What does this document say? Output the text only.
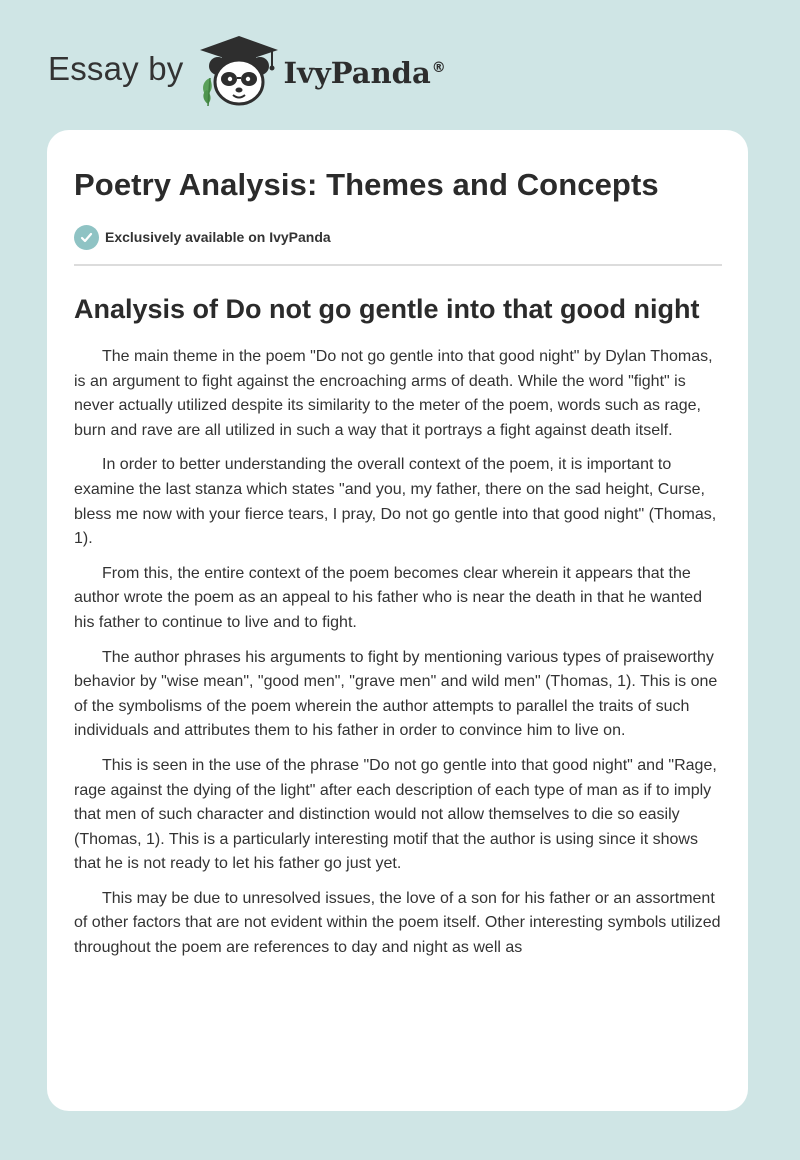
Essay by	IvyPanda®
Poetry Analysis: Themes and Concepts
Exclusively available on IvyPanda
Analysis of Do not go gentle into that good night

The main theme in the poem "Do not go gentle into that good night" by Dylan Thomas, is an argument to fight against the encroaching arms of death. While the word "fight" is never actually utilized despite its similarity to the meter of the poem, words such as rage, burn and rave are all utilized in such a way that it portrays a fight against death itself.

In order to better understanding the overall context of the poem, it is important to examine the last stanza which states "and you, my father, there on the sad height, Curse, bless me now with your fierce tears, I pray, Do not go gentle into that good night" (Thomas, 1).

From this, the entire context of the poem becomes clear wherein it appears that the author wrote the poem as an appeal to his father who is near the death in that he wanted his father to continue to live and to fight.

The author phrases his arguments to fight by mentioning various types of praiseworthy behavior by "wise mean", "good men", "grave men" and wild men" (Thomas, 1). This is one of the symbolisms of the poem wherein the author attempts to parallel the traits of such individuals and attributes them to his father in order to convince him to live on.

This is seen in the use of the phrase "Do not go gentle into that good night" and "Rage, rage against the dying of the light" after each description of each type of man as if to imply that men of such character and distinction would not allow themselves to die so easily (Thomas, 1). This is a particularly interesting motif that the author is using since it shows that he is not ready to let his father go just yet.

This may be due to unresolved issues, the love of a son for his father or an assortment of other factors that are not evident within the poem itself. Other interesting symbols utilized throughout the poem are references to day and night as well as
